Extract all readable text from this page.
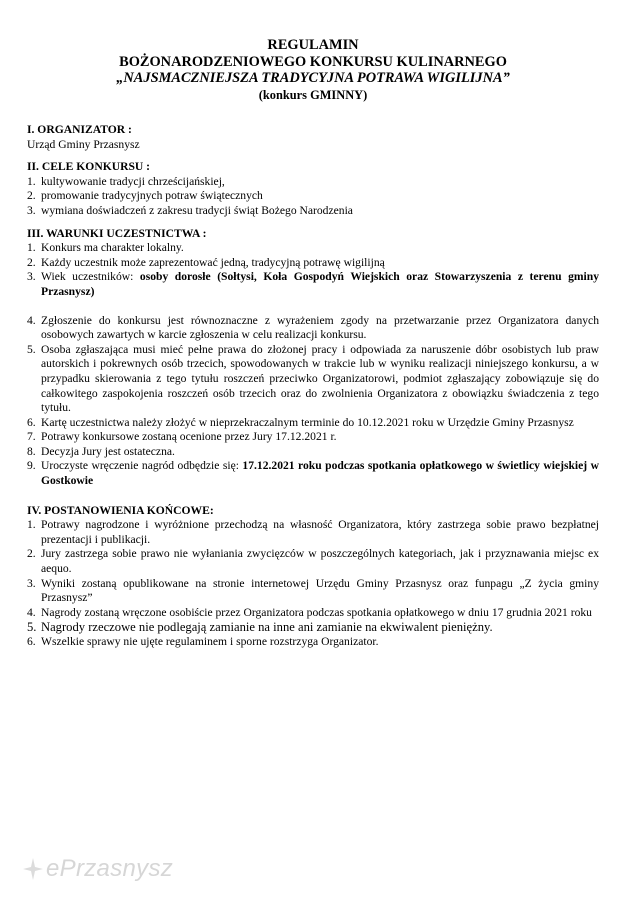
REGULAMIN
BOŻONARODZENIOWEGO KONKURSU KULINARNEGO
„NAJSMACZNIEJSZA TRADYCYJNA POTRAWA WIGILIJNA”
(konkurs GMINNY)
I. ORGANIZATOR :
Urząd Gminy Przasnysz
II. CELE KONKURSU :
1. kultywowanie tradycji chrześcijańskiej,
2. promowanie tradycyjnych potraw świątecznych
3. wymiana doświadczeń z zakresu tradycji świąt Bożego Narodzenia
III. WARUNKI UCZESTNICTWA :
1. Konkurs ma charakter lokalny.
2. Każdy uczestnik może zaprezentować jedną, tradycyjną potrawę wigilijną
3. Wiek uczestników: osoby dorosłe (Sołtysi, Koła Gospodyń Wiejskich oraz Stowarzyszenia z terenu gminy Przasnysz)
4. Zgłoszenie do konkursu jest równoznaczne z wyrażeniem zgody na przetwarzanie przez Organizatora danych osobowych zawartych w karcie zgłoszenia w celu realizacji konkursu.
5. Osoba zgłaszająca musi mieć pełne prawa do złożonej pracy i odpowiada za naruszenie dóbr osobistych lub praw autorskich i pokrewnych osób trzecich, spowodowanych w trakcie lub w wyniku realizacji niniejszego konkursu, a w przypadku skierowania z tego tytułu roszczeń przeciwko Organizatorowi, podmiot zgłaszający zobowiązuje się do całkowitego zaspokojenia roszczeń osób trzecich oraz do zwolnienia Organizatora z obowiązku świadczenia z tego tytułu.
6. Kartę uczestnictwa należy złożyć w nieprzekraczalnym terminie do 10.12.2021 roku w Urzędzie Gminy Przasnysz
7. Potrawy konkursowe zostaną ocenione przez Jury 17.12.2021 r.
8. Decyzja Jury jest ostateczna.
9. Uroczyste wręczenie nagród odbędzie się: 17.12.2021 roku podczas spotkania opłatkowego w świetlicy wiejskiej w Gostkowie
IV. POSTANOWIENIA KOŃCOWE:
1. Potrawy nagrodzone i wyróżnione przechodzą na własność Organizatora, który zastrzega sobie prawo bezpłatnej prezentacji i publikacji.
2. Jury zastrzega sobie prawo nie wyłaniania zwycięzców w poszczególnych kategoriach, jak i przyznawania miejsc ex aequo.
3. Wyniki zostaną opublikowane na stronie internetowej Urzędu Gminy Przasnysz oraz funpagu „Z życia gminy Przasnysz”
4. Nagrody zostaną wręczone osobiście przez Organizatora podczas spotkania opłatkowego w dniu 17 grudnia 2021 roku
5. Nagrody rzeczowe nie podlegają zamianie na inne ani zamianie na ekwiwalent pieniężny.
6. Wszelkie sprawy nie ujęte regulaminem i sporne rozstrzyga Organizator.
ePrzasnysz
